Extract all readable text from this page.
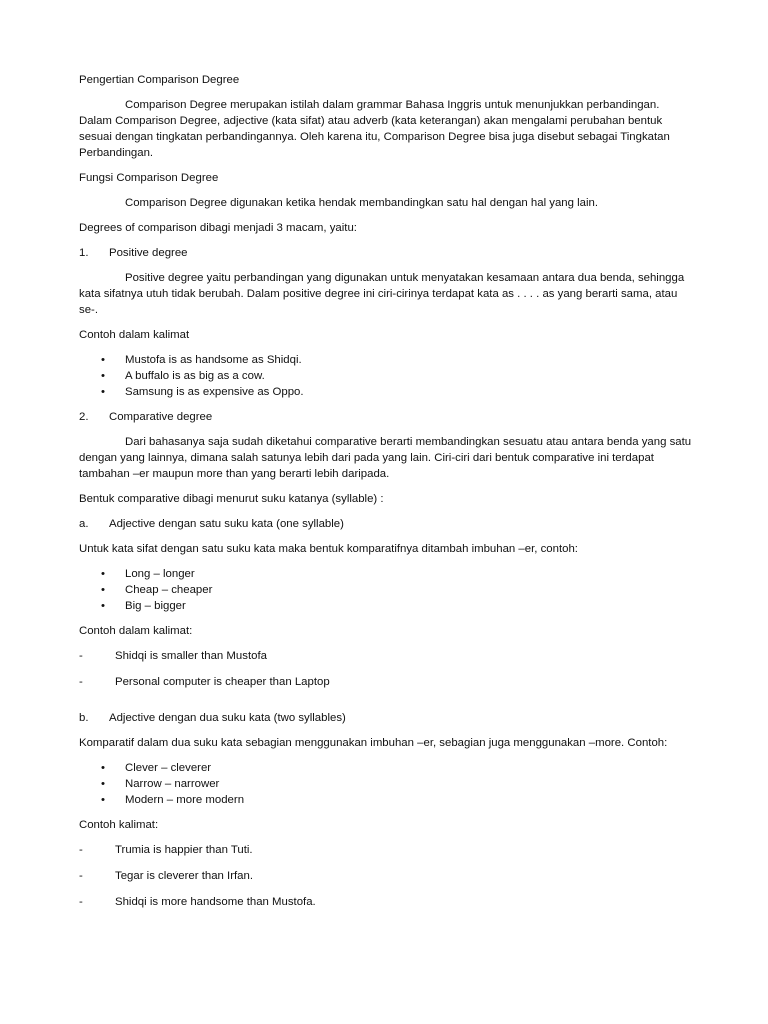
Pengertian Comparison Degree

Comparison Degree merupakan istilah dalam grammar Bahasa Inggris untuk menunjukkan perbandingan. Dalam Comparison Degree, adjective (kata sifat) atau adverb (kata keterangan) akan mengalami perubahan bentuk sesuai dengan tingkatan perbandingannya. Oleh karena itu, Comparison Degree bisa juga disebut sebagai Tingkatan Perbandingan.

Fungsi Comparison Degree

Comparison Degree digunakan ketika hendak membandingkan satu hal dengan hal yang lain.

Degrees of comparison dibagi menjadi 3 macam, yaitu:

1.	Positive degree

Positive degree yaitu perbandingan yang digunakan untuk menyatakan kesamaan antara dua benda, sehingga kata sifatnya utuh tidak berubah. Dalam positive degree ini ciri-cirinya terdapat kata as . . . . as yang berarti sama, atau se-.

Contoh dalam kalimat

•	Mustofa is as handsome as Shidqi.
•	A buffalo is as big as a cow.
•	Samsung is as expensive as Oppo.
2.	Comparative degree

Dari bahasanya saja sudah diketahui comparative berarti membandingkan sesuatu atau antara benda yang satu dengan yang lainnya, dimana salah satunya lebih dari pada yang lain. Ciri-ciri dari bentuk comparative ini terdapat tambahan –er maupun more than yang berarti lebih daripada.

Bentuk comparative dibagi menurut suku katanya (syllable) :

a.	Adjective dengan satu suku kata (one syllable)

Untuk kata sifat dengan satu suku kata maka bentuk komparatifnya ditambah imbuhan –er, contoh:

•	Long – longer
•	Cheap – cheaper
•	Big – bigger

Contoh dalam kalimat:

-	Shidqi is smaller than Mustofa
-	Personal computer is cheaper than Laptop
b.	Adjective dengan dua suku kata (two syllables)

Komparatif dalam dua suku kata sebagian menggunakan imbuhan –er, sebagian juga menggunakan –more. Contoh:

•	Clever – cleverer
•	Narrow – narrower
•	Modern – more modern

Contoh kalimat:

-	Trumia is happier than Tuti.
-	Tegar is cleverer than Irfan.
-	Shidqi is more handsome than Mustofa.
